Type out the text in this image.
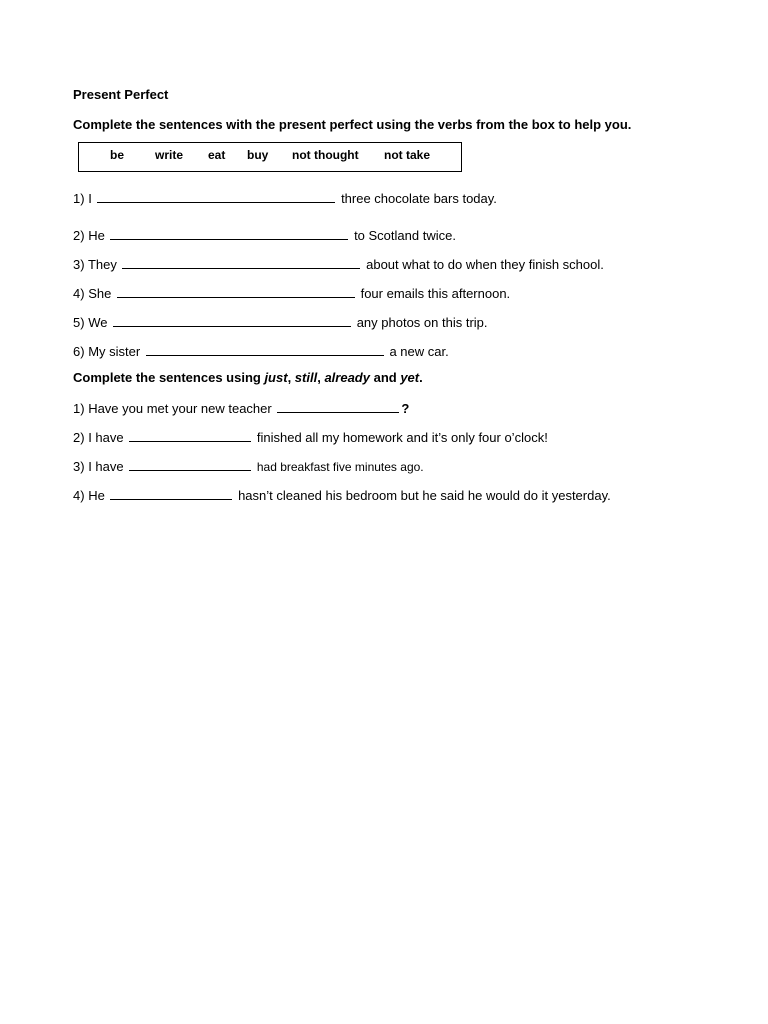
Present Perfect
Complete the sentences with the present perfect using the verbs from the box to help you.
be	write eat buy not thought not take
1) I	three chocolate bars today.
2) He	to Scotland twice.
3) They	about what to do when they finish school.
4) She	four emails this afternoon.
5) We	any photos on this trip.
6) My sister	a new car.
Complete the sentences using just, still, already and yet.
1) Have you met your new teacher	?
2) I have	finished all my homework and it’s only four o’clock!
3) I have	had breakfast five minutes ago.
4) He	hasn’t cleaned his bedroom but he said he would do it yesterday.
